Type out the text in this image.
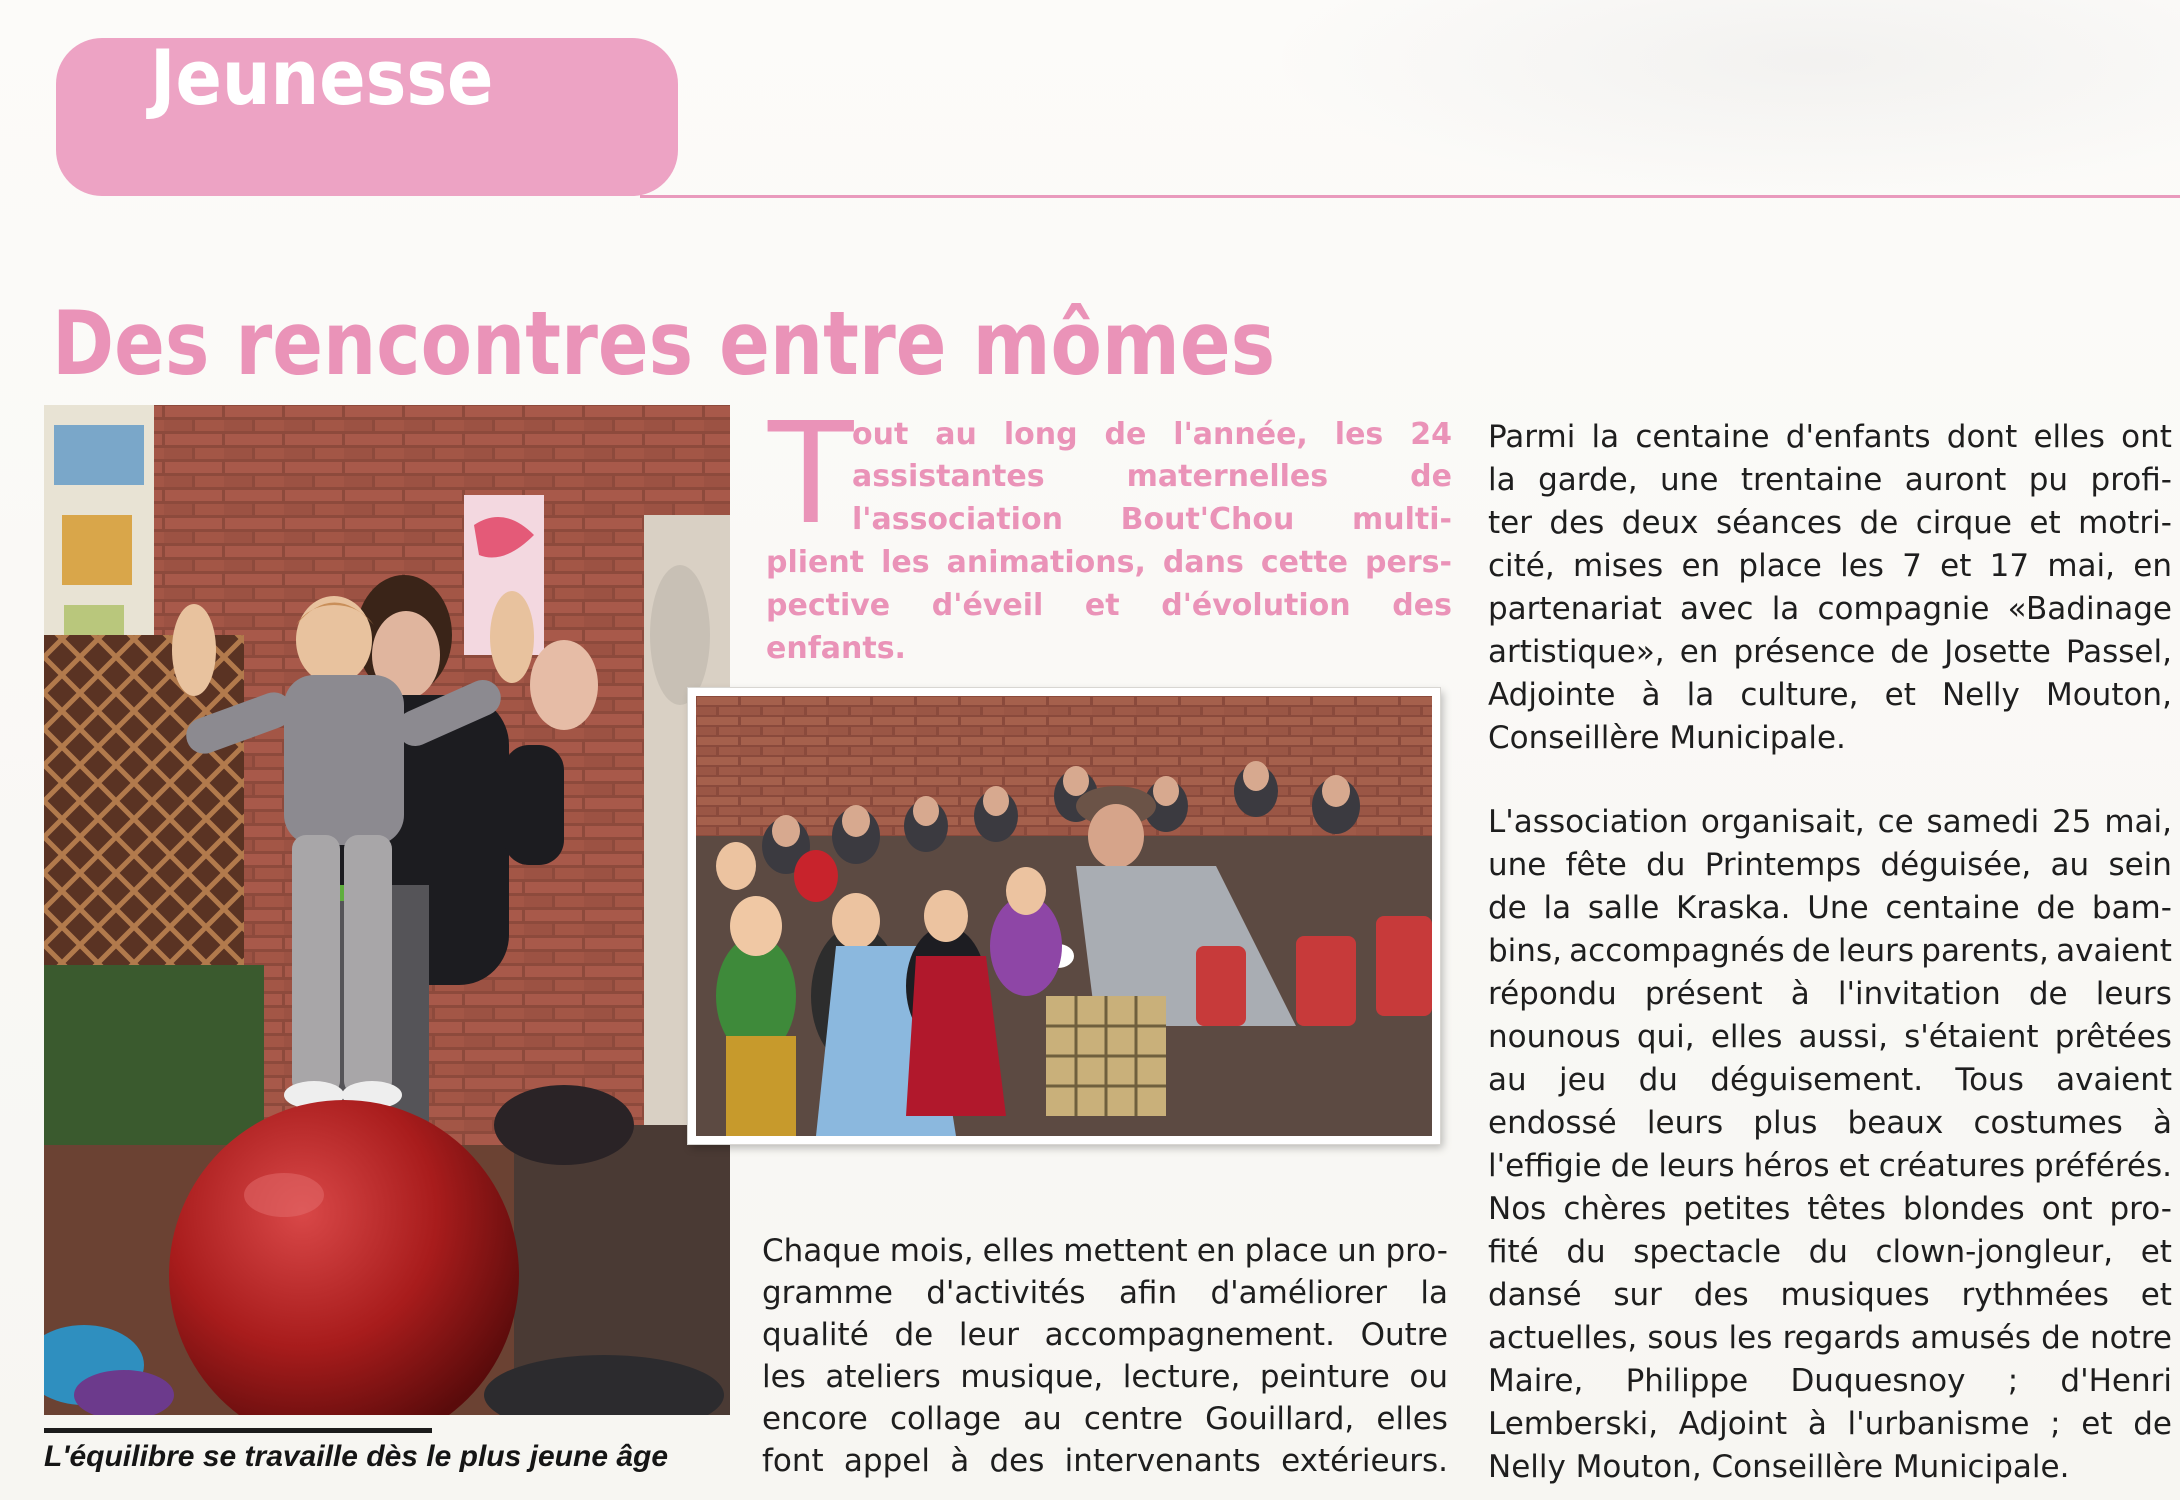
Jeunesse
Des rencontres entre mômes
L'équilibre se travaille dès le plus jeune âge
T
out au long de l'année, les 24
assistantes	maternelles	de
l'association Bout'Chou multi-
plient les animations, dans cette pers-
pective d'éveil et d'évolution des
enfants.
Chaque mois, elles mettent en place un pro-
gramme d'activités afin d'améliorer la
qualité de leur accompagnement. Outre
les ateliers musique, lecture, peinture ou
encore collage au centre Gouillard, elles
font appel à des intervenants extérieurs.
Parmi la centaine d'enfants dont elles ont
la garde, une trentaine auront pu profi-
ter des deux séances de cirque et motri-
cité, mises en place les 7 et 17 mai, en
partenariat avec la compagnie «Badinage
artistique», en présence de Josette Passel,
Adjointe à la culture, et Nelly Mouton,
Conseillère Municipale.
L'association organisait, ce samedi 25 mai,
une fête du Printemps déguisée, au sein
de la salle Kraska. Une centaine de bam-
bins, accompagnés de leurs parents, avaient
répondu présent à l'invitation de leurs
nounous qui, elles aussi, s'étaient prêtées
au jeu du déguisement. Tous avaient
endossé leurs plus beaux costumes à
l'effigie de leurs héros et créatures préférés.
Nos chères petites têtes blondes ont pro-
fité du spectacle du clown-jongleur, et
dansé sur des musiques rythmées et
actuelles, sous les regards amusés de notre
Maire, Philippe Duquesnoy ; d'Henri
Lemberski, Adjoint à l'urbanisme ; et de
Nelly Mouton, Conseillère Municipale.
